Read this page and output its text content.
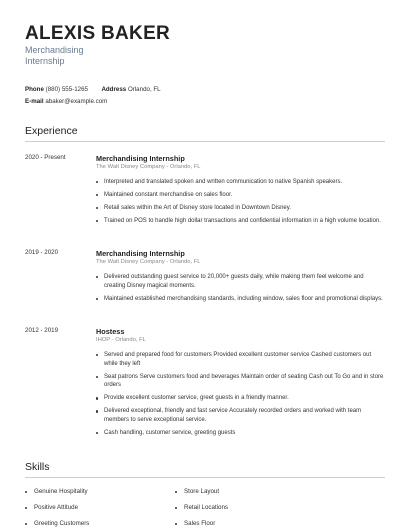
ALEXIS BAKER
Merchandising
Internship
Phone (880) 555-1265 Address Orlando, FL
E-mail abaker@example.com
Experience
2020 - Present	Merchandising Internship
The Walt Disney Company - Orlando, FL
Interpreted and translated spoken and written communication to native Spanish speakers.
Maintained constant merchandise on sales floor.
Retail sales within the Art of Disney store located in Downtown Disney.
Trained on POS to handle high dollar transactions and confidential information in a high volume location.
2019 - 2020	Merchandising Internship
The Walt Disney Company - Orlando, FL
Delivered outstanding guest service to 20,000+ guests daily, while making them feel welcome and creating Disney magical moments.
Maintained established merchandising standards, including window, sales floor and promotional displays.
2012 - 2019	Hostess
IHOP - Orlando, FL
Served and prepared food for customers Provided excellent customer service Cashed customers out while they left
Seat patrons Serve customers food and beverages Maintain order of seating Cash out To Go and in store orders
Provide excellent customer service, greet guests in a friendly manner.
Delivered exceptional, friendly and fast service Accurately recorded orders and worked with team members to serve exceptional service.
Cash handling, customer service, greeting guests
Skills
Genuine Hospitality
Positive Attitude
Greeting Customers
Store Layout
Retail Locations
Sales Floor
